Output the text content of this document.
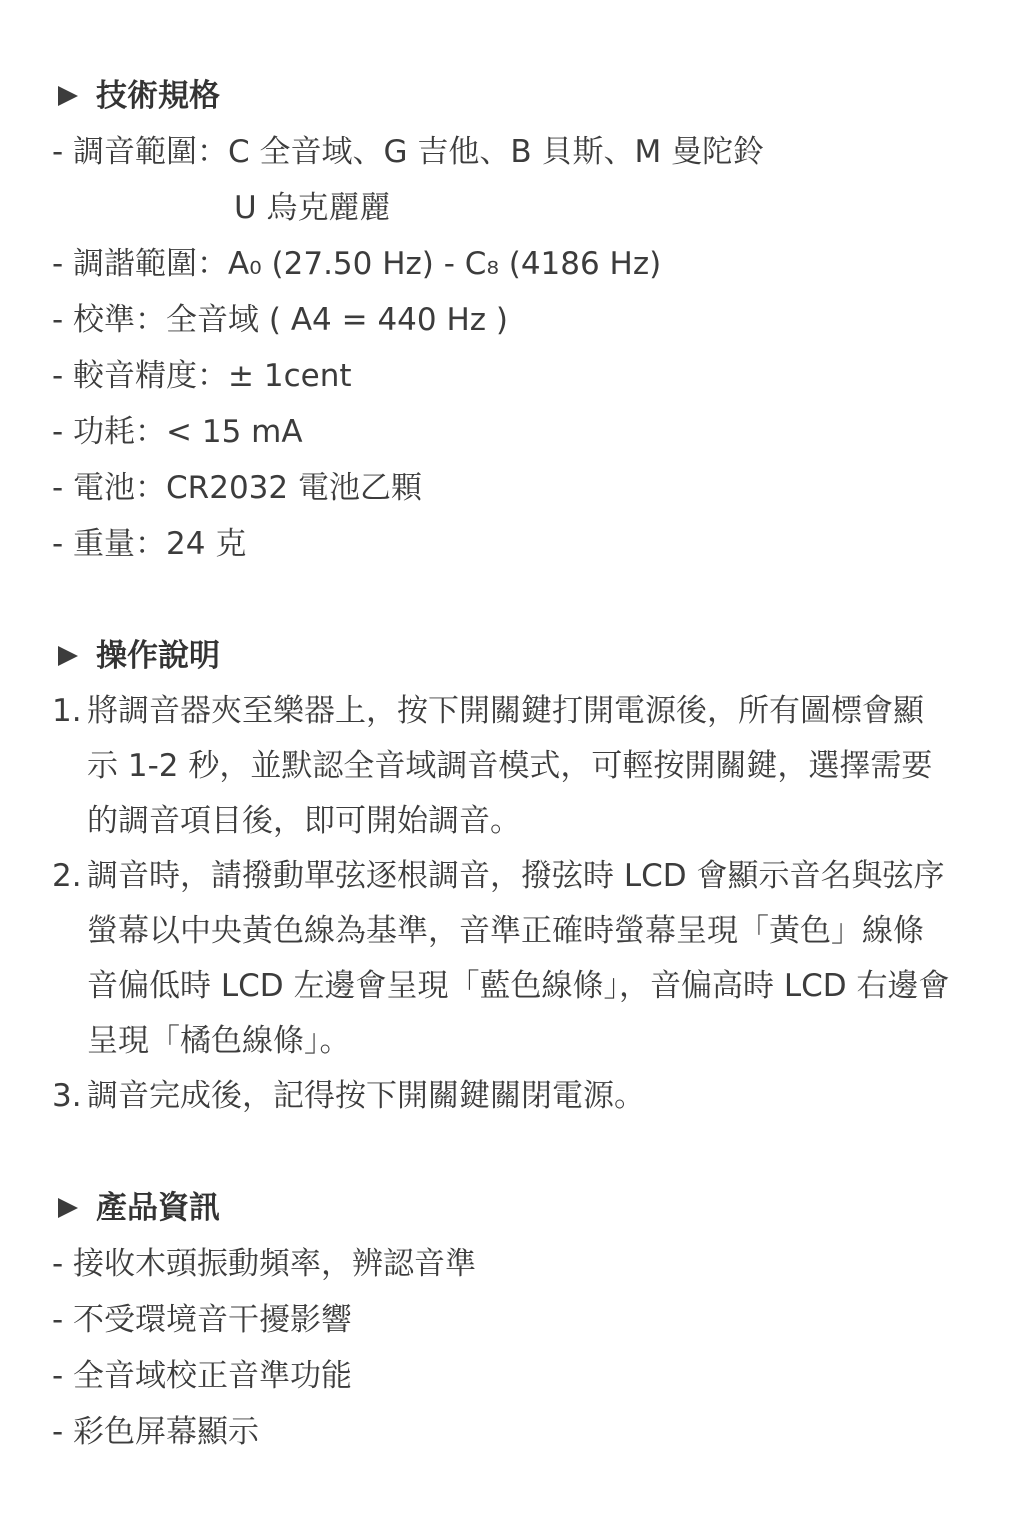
技術規格
- 調音範圍：C 全音域、G 吉他、B 貝斯、M 曼陀鈴
U 烏克麗麗
- 調諧範圍：A₀ (27.50 Hz) - C₈ (4186 Hz)
- 校準：全音域 ( A4 = 440 Hz )
- 較音精度：± 1cent
- 功耗：< 15 mA
- 電池：CR2032 電池乙顆
- 重量：24 克
操作說明
1. 將調音器夾至樂器上，按下開關鍵打開電源後，所有圖標會顯
示 1-2 秒，並默認全音域調音模式，可輕按開關鍵，選擇需要
的調音項目後，即可開始調音。
2. 調音時，請撥動單弦逐根調音，撥弦時 LCD 會顯示音名與弦序
螢幕以中央黃色線為基準，音準正確時螢幕呈現「黃色」線條
音偏低時 LCD 左邊會呈現「藍色線條」，音偏高時 LCD 右邊會
呈現「橘色線條」。
3. 調音完成後，記得按下開關鍵關閉電源。
產品資訊
- 接收木頭振動頻率，辨認音準
- 不受環境音干擾影響
- 全音域校正音準功能
- 彩色屏幕顯示
